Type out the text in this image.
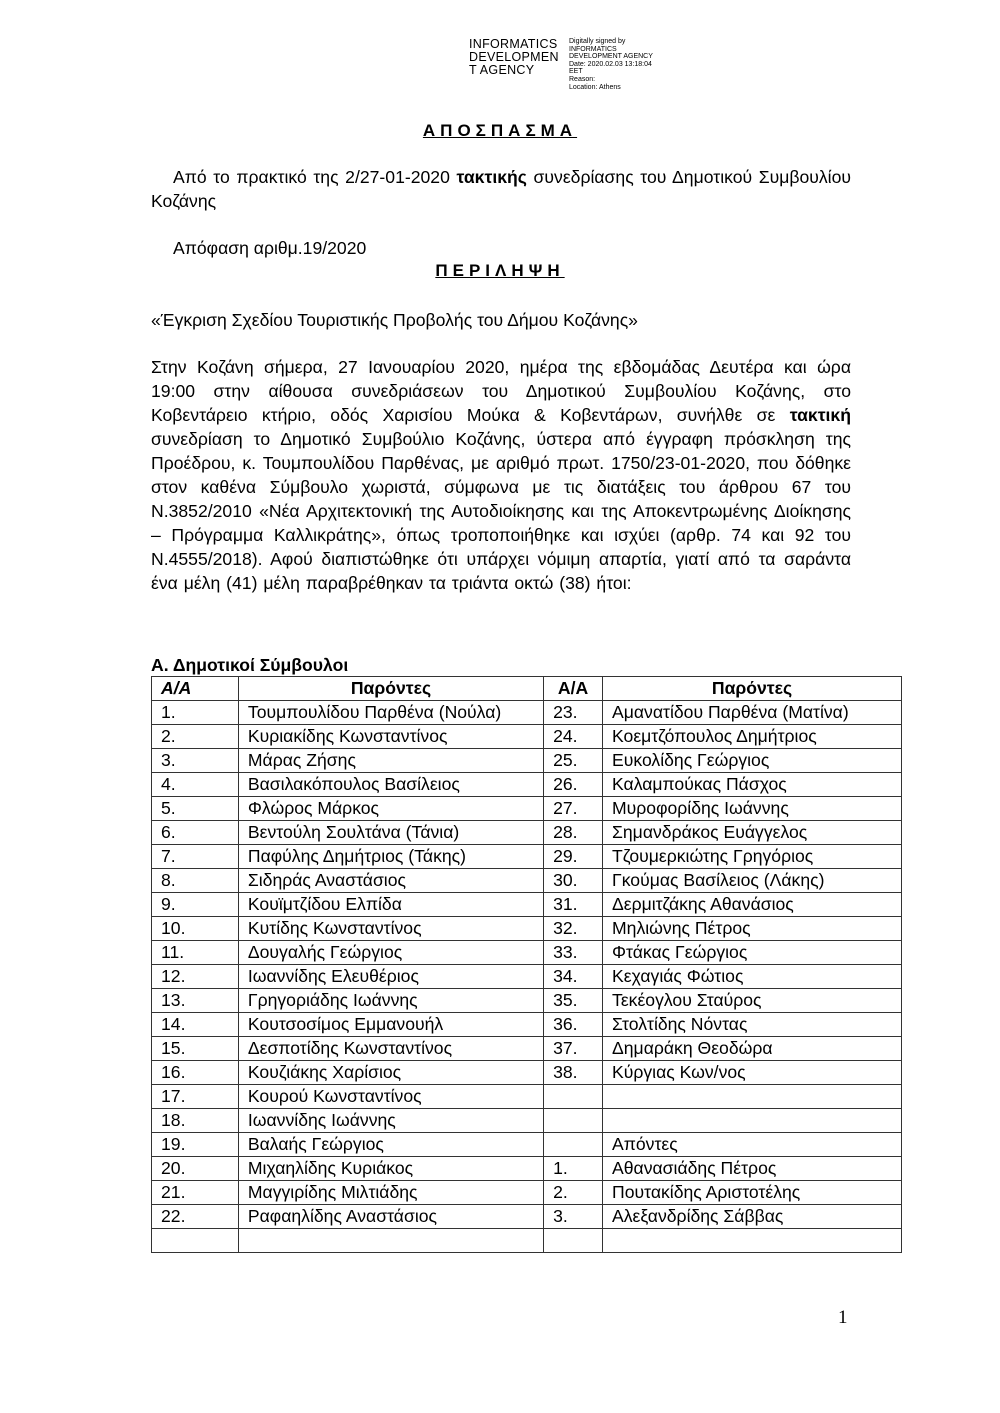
INFORMATICS
DEVELOPMEN
T AGENCY
Digitally signed by
INFORMATICS
DEVELOPMENT AGENCY
Date: 2020.02.03 13:18:04
EET
Reason:
Location: Athens
ΑΠΟΣΠΑΣΜΑ
Από το πρακτικό της 2/27-01-2020 τακτικής συνεδρίασης του Δημοτικού Συμβουλίου Κοζάνης
Απόφαση αριθμ.19/2020
ΠΕΡΙΛΗΨΗ
«Έγκριση Σχεδίου Τουριστικής Προβολής του Δήμου Κοζάνης»
Στην Κοζάνη σήμερα, 27 Ιανουαρίου 2020, ημέρα της εβδομάδας Δευτέρα και ώρα 19:00 στην αίθουσα συνεδριάσεων του Δημοτικού Συμβουλίου Κοζάνης, στο Κοβεντάρειο κτήριο, οδός Χαρισίου Μούκα & Κοβεντάρων, συνήλθε σε τακτική συνεδρίαση το Δημοτικό Συμβούλιο Κοζάνης, ύστερα από έγγραφη πρόσκληση της Προέδρου, κ. Τουμπουλίδου Παρθένας, με αριθμό πρωτ. 1750/23-01-2020, που δόθηκε στον καθένα Σύμβουλο χωριστά, σύμφωνα με τις διατάξεις του άρθρου 67 του Ν.3852/2010 «Νέα Αρχιτεκτονική της Αυτοδιοίκησης και της Αποκεντρωμένης Διοίκησης – Πρόγραμμα Καλλικράτης», όπως τροποποιήθηκε και ισχύει (αρθρ. 74 και 92 του Ν.4555/2018). Αφού διαπιστώθηκε ότι υπάρχει νόμιμη απαρτία, γιατί από τα σαράντα ένα μέλη (41) μέλη παραβρέθηκαν τα τριάντα οκτώ (38) ήτοι:
Α. Δημοτικοί Σύμβουλοι
Α/Α	Παρόντες	Α/Α	Παρόντες
1.	Τουμπουλίδου Παρθένα (Νούλα)	23.	Αμανατίδου Παρθένα (Ματίνα)
2.	Κυριακίδης Κωνσταντίνος	24.	Κοεμτζόπουλος Δημήτριος
3.	Μάρας Ζήσης	25.	Ευκολίδης Γεώργιος
4.	Βασιλακόπουλος Βασίλειος	26.	Καλαμπούκας Πάσχος
5.	Φλώρος Μάρκος	27.	Μυροφορίδης Ιωάννης
6.	Βεντούλη Σουλτάνα (Τάνια)	28.	Σημανδράκος Ευάγγελος
7.	Παφύλης Δημήτριος (Τάκης)	29.	Τζουμερκιώτης Γρηγόριος
8.	Σιδηράς Αναστάσιος	30.	Γκούμας Βασίλειος (Λάκης)
9.	Κουϊμτζίδου Ελπίδα	31.	Δερμιτζάκης Αθανάσιος
10.	Κυτίδης Κωνσταντίνος	32.	Μηλιώνης Πέτρος
11.	Δουγαλής Γεώργιος	33.	Φτάκας Γεώργιος
12.	Ιωαννίδης Ελευθέριος	34.	Κεχαγιάς Φώτιος
13.	Γρηγοριάδης Ιωάννης	35.	Τεκέογλου Σταύρος
14.	Κουτσοσίμος Εμμανουήλ	36.	Στολτίδης Νόντας
15.	Δεσποτίδης Κωνσταντίνος	37.	Δημαράκη Θεοδώρα
16.	Κουζιάκης Χαρίσιος	38.	Κύργιας Κων/νος
17.	Κουρού Κωνσταντίνος		
18.	Ιωαννίδης Ιωάννης		
19.	Βαλαής Γεώργιος		Απόντες
20.	Μιχαηλίδης Κυριάκος	1.	Αθανασιάδης Πέτρος
21.	Μαγγιρίδης Μιλτιάδης	2.	Πουτακίδης Αριστοτέλης
22.	Ραφαηλίδης Αναστάσιος	3.	Αλεξανδρίδης Σάββας

1
